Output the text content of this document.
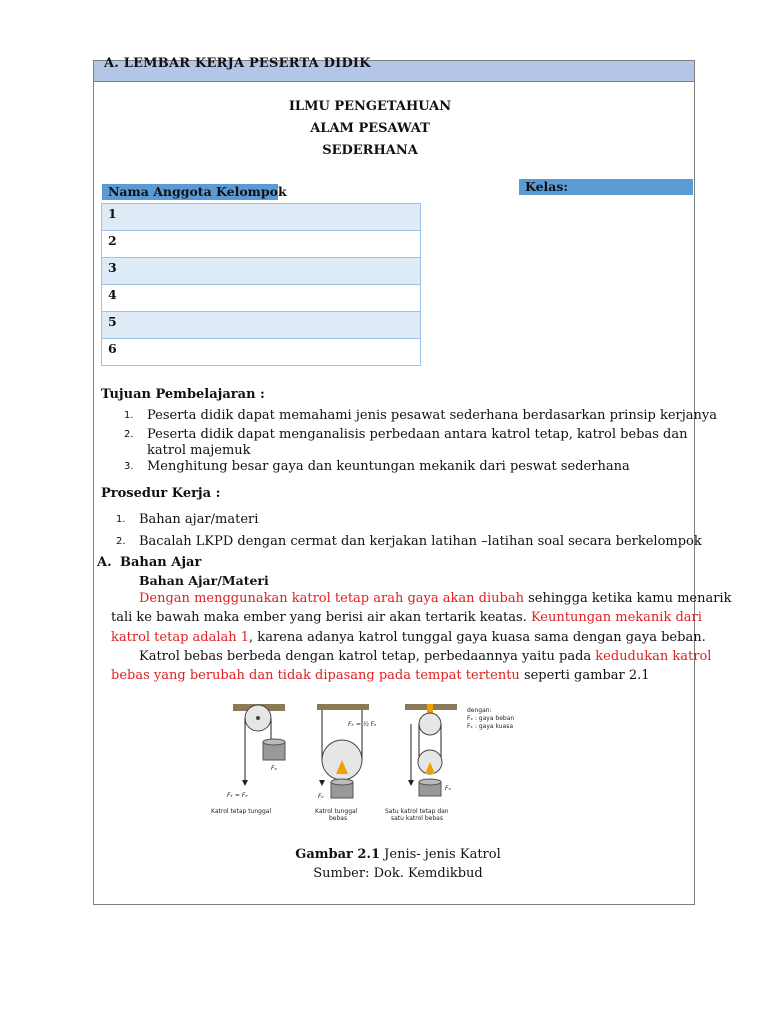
A. LEMBAR KERJA PESERTA DIDIK
ILMU PENGETAHUAN
ALAM PESAWAT
SEDERHANA
Nama Anggota Kelompok	Kelas:
1
2
3
4
5
6
Tujuan Pembelajaran :
1. Peserta didik dapat memahami jenis pesawat sederhana berdasarkan prinsip kerjanya
2. Peserta didik dapat menganalisis perbedaan antara katrol tetap, katrol bebas dan
katrol majemuk
3. Menghitung besar gaya dan keuntungan mekanik dari peswat sederhana
Prosedur Kerja :
1. Bahan ajar/materi
2. Bacalah LKPD dengan cermat dan kerjakan latihan –latihan soal secara berkelompok
A. Bahan Ajar
Bahan Ajar/Materi
Dengan menggunakan katrol tetap arah gaya akan diubah sehingga ketika kamu menarik
tali ke bawah maka ember yang berisi air akan tertarik keatas. Keuntungan mekanik dari
katrol tetap adalah 1, karena adanya katrol tunggal gaya kuasa sama dengan gaya beban.
Katrol bebas berbeda dengan katrol tetap, perbedaannya yaitu pada kedudukan katrol
bebas yang berubah dan tidak dipasang pada tempat tertentu seperti gambar 2.1
Fₑ
Fₖ = Fₑ
Katrol tetap tunggal
Fₖ = ½ Fₑ
Fₖ
Katrol tunggal
bebas
Fₑ
Satu katrol tetap dan
satu katrol bebas
dengan:
Fₑ : gaya beban
Fₖ : gaya kuasa
Gambar 2.1 Jenis- jenis Katrol
Sumber: Dok. Kemdikbud
